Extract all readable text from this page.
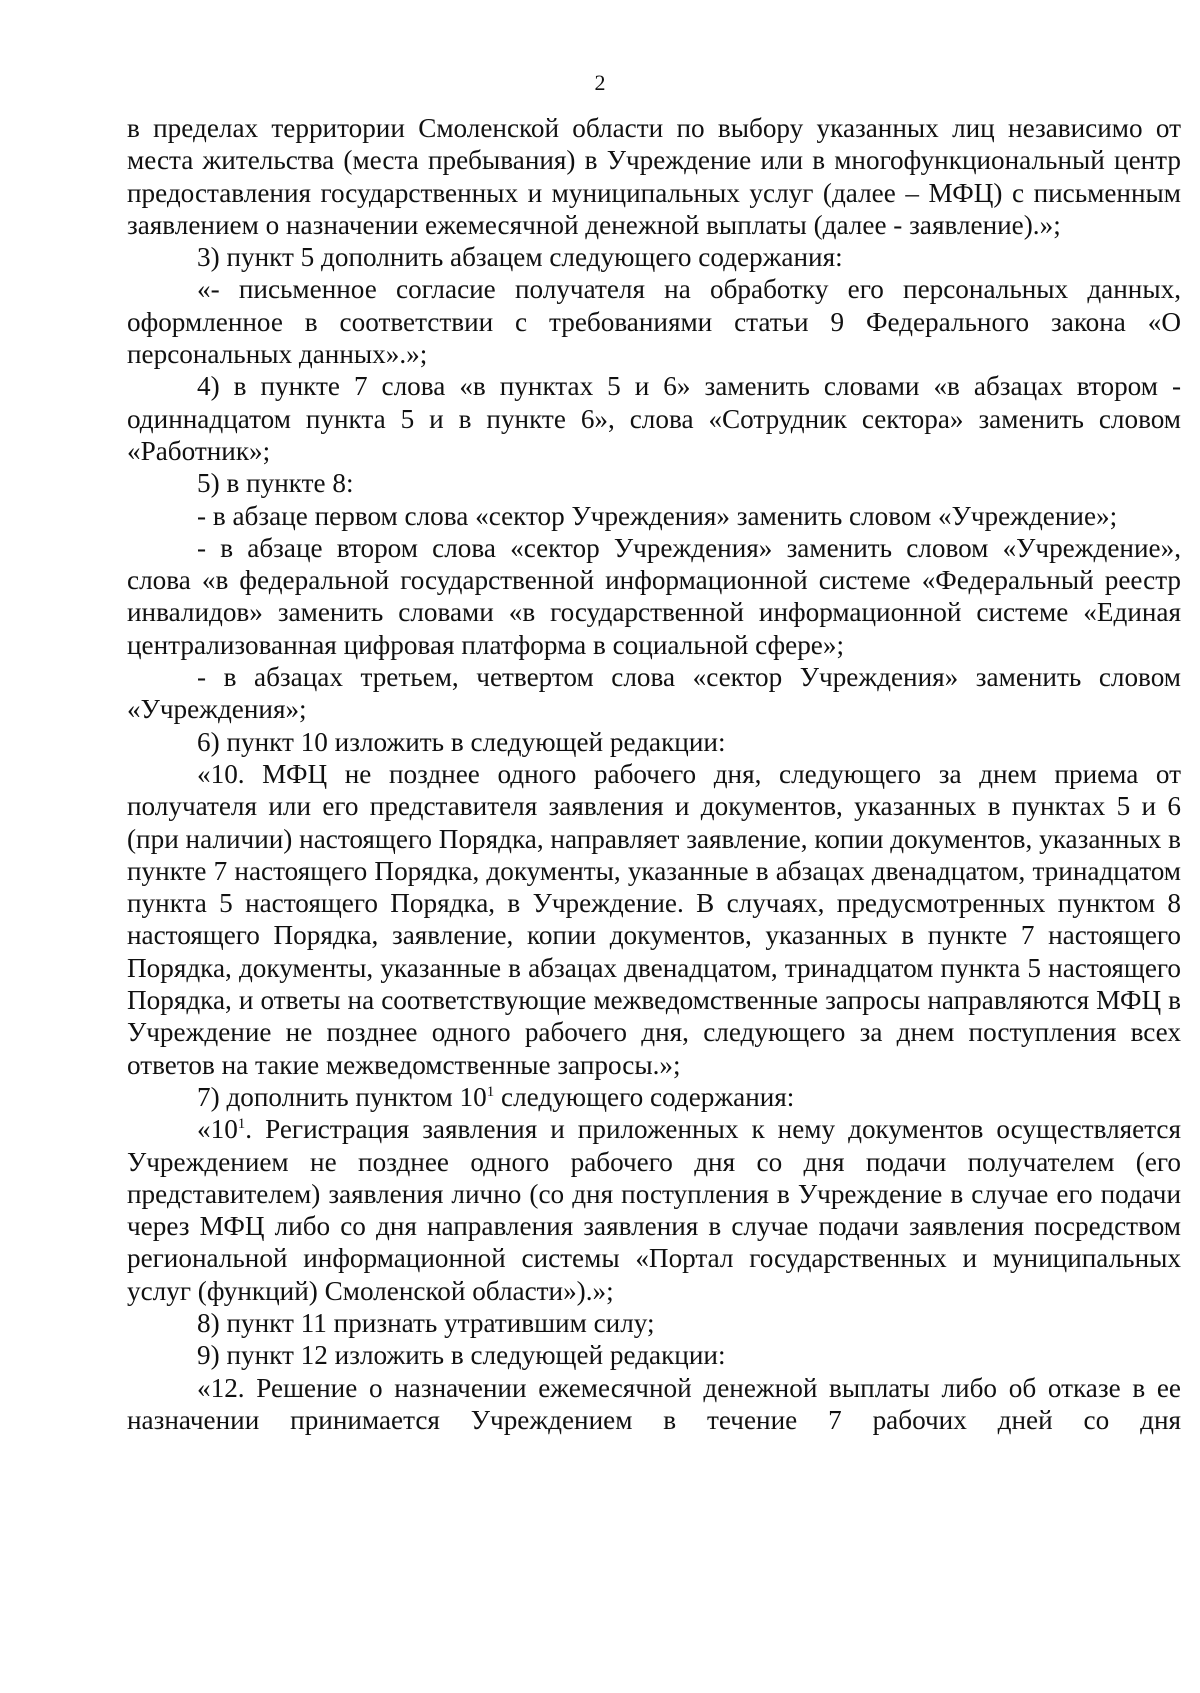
2

в пределах территории Смоленской области по выбору указанных лиц независимо от места жительства (места пребывания) в Учреждение или в многофункциональный центр предоставления государственных и муниципальных услуг (далее – МФЦ) с письменным заявлением о назначении ежемесячной денежной выплаты (далее - заявление).»;

3) пункт 5 дополнить абзацем следующего содержания:

«- письменное согласие получателя на обработку его персональных данных, оформленное в соответствии с требованиями статьи 9 Федерального закона «О персональных данных».»;

4) в пункте 7 слова «в пунктах 5 и 6» заменить словами «в абзацах втором - одиннадцатом пункта 5 и в пункте 6», слова «Сотрудник сектора» заменить словом «Работник»;

5) в пункте 8:

- в абзаце первом слова «сектор Учреждения» заменить словом «Учреждение»;

- в абзаце втором слова «сектор Учреждения» заменить словом «Учреждение», слова «в федеральной государственной информационной системе «Федеральный реестр инвалидов» заменить словами «в государственной информационной системе «Единая централизованная цифровая платформа в социальной сфере»;

- в абзацах третьем, четвертом слова «сектор Учреждения» заменить словом «Учреждения»;

6) пункт 10 изложить в следующей редакции:

«10. МФЦ не позднее одного рабочего дня, следующего за днем приема от получателя или его представителя заявления и документов, указанных в пунктах 5 и 6 (при наличии) настоящего Порядка, направляет заявление, копии документов, указанных в пункте 7 настоящего Порядка, документы, указанные в абзацах двенадцатом, тринадцатом пункта 5 настоящего Порядка, в Учреждение. В случаях, предусмотренных пунктом 8 настоящего Порядка, заявление, копии документов, указанных в пункте 7 настоящего Порядка, документы, указанные в абзацах двенадцатом, тринадцатом пункта 5 настоящего Порядка, и ответы на соответствующие межведомственные запросы направляются МФЦ в Учреждение не позднее одного рабочего дня, следующего за днем поступления всех ответов на такие межведомственные запросы.»;

7) дополнить пунктом $10^1$ следующего содержания:

«$10^1$. Регистрация заявления и приложенных к нему документов осуществляется Учреждением не позднее одного рабочего дня со дня подачи получателем (его представителем) заявления лично (со дня поступления в Учреждение в случае его подачи через МФЦ либо со дня направления заявления в случае подачи заявления посредством региональной информационной системы «Портал государственных и муниципальных услуг (функций) Смоленской области»).»;

8) пункт 11 признать утратившим силу;

9) пункт 12 изложить в следующей редакции:

«12. Решение о назначении ежемесячной денежной выплаты либо об отказе в ее назначении принимается Учреждением в течение 7 рабочих дней со дня
